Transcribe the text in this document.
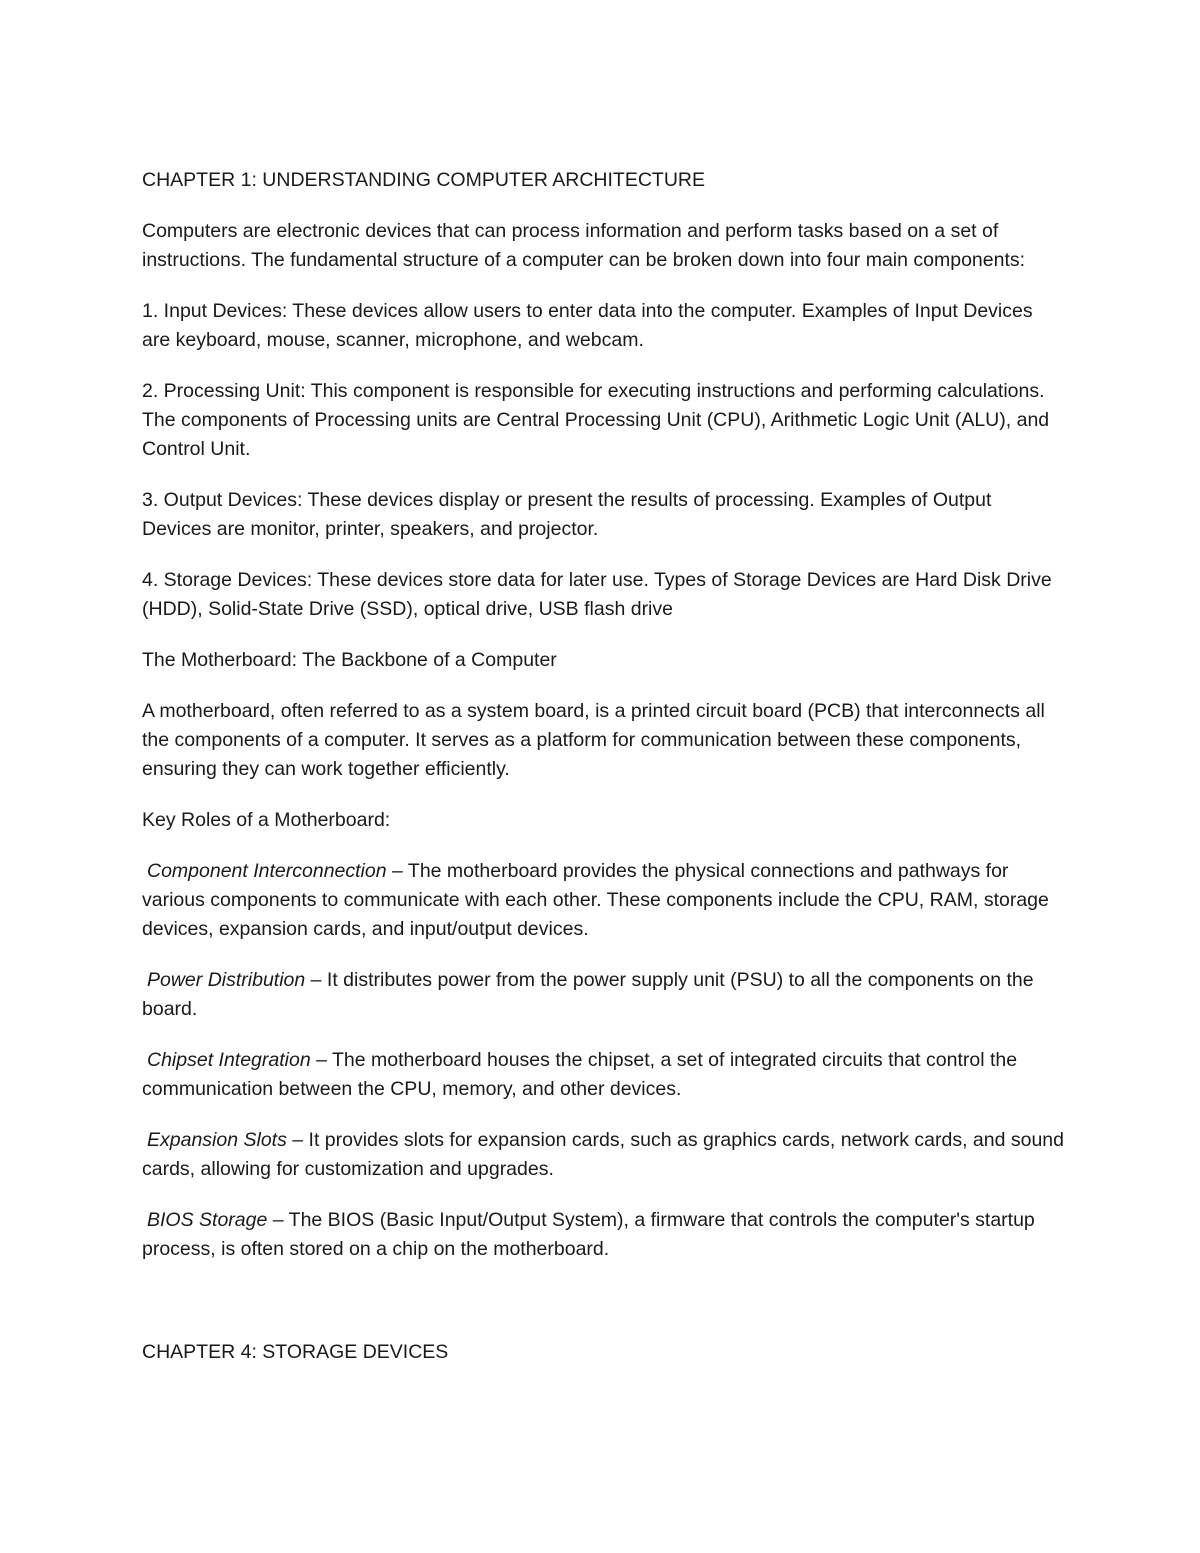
CHAPTER 1: UNDERSTANDING COMPUTER ARCHITECTURE

Computers are electronic devices that can process information and perform tasks based on a set of instructions. The fundamental structure of a computer can be broken down into four main components:

1. Input Devices: These devices allow users to enter data into the computer. Examples of Input Devices are keyboard, mouse, scanner, microphone, and webcam.

2. Processing Unit: This component is responsible for executing instructions and performing calculations. The components of Processing units are Central Processing Unit (CPU), Arithmetic Logic Unit (ALU), and Control Unit.

3. Output Devices: These devices display or present the results of processing. Examples of Output Devices are monitor, printer, speakers, and projector.

4. Storage Devices: These devices store data for later use. Types of Storage Devices are Hard Disk Drive (HDD), Solid-State Drive (SSD), optical drive, USB flash drive

The Motherboard: The Backbone of a Computer

A motherboard, often referred to as a system board, is a printed circuit board (PCB) that interconnects all the components of a computer. It serves as a platform for communication between these components, ensuring they can work together efficiently.

Key Roles of a Motherboard:

Component Interconnection – The motherboard provides the physical connections and pathways for various components to communicate with each other. These components include the CPU, RAM, storage devices, expansion cards, and input/output devices.

Power Distribution – It distributes power from the power supply unit (PSU) to all the components on the board.

Chipset Integration – The motherboard houses the chipset, a set of integrated circuits that control the communication between the CPU, memory, and other devices.

Expansion Slots – It provides slots for expansion cards, such as graphics cards, network cards, and sound cards, allowing for customization and upgrades.

BIOS Storage – The BIOS (Basic Input/Output System), a firmware that controls the computer's startup process, is often stored on a chip on the motherboard.

CHAPTER 4: STORAGE DEVICES
